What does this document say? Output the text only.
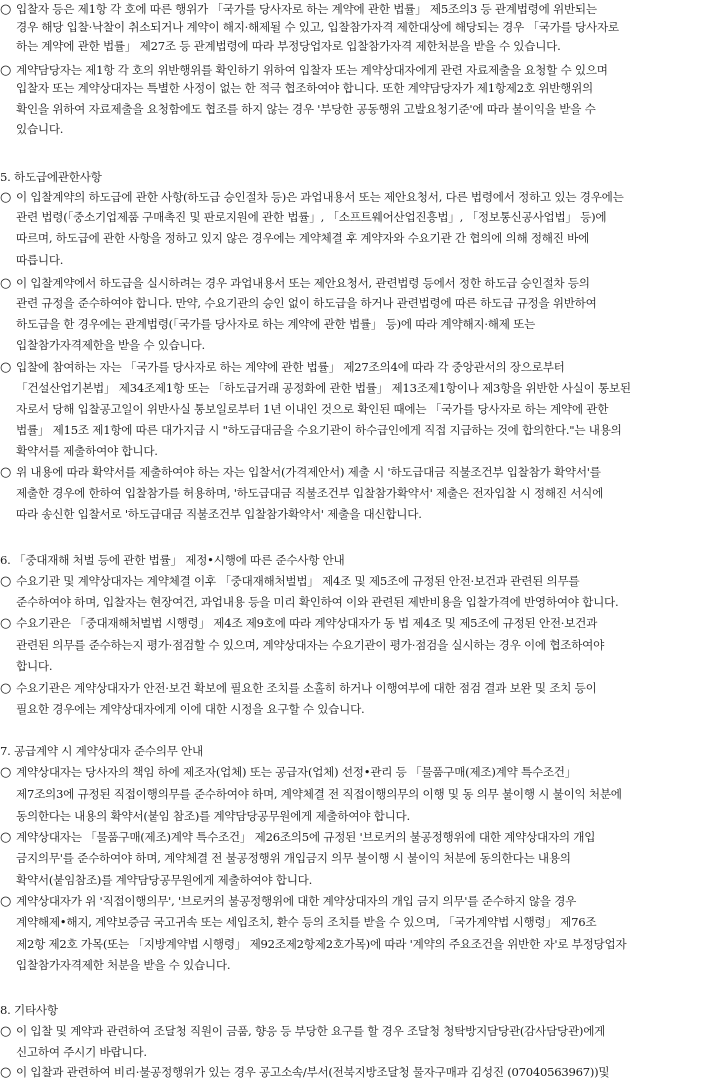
○ 입찰자 등은 제1항 각 호에 따른 행위가 「국가를 당사자로 하는 계약에 관한 법률」 제5조의3 등 관계법령에 위반되는
경우 해당 입찰·낙찰이 취소되거나 계약이 해지·해제될 수 있고, 입찰참가자격 제한대상에 해당되는 경우 「국가를 당사자로
하는 계약에 관한 법률」 제27조 등 관계법령에 따라 부정당업자로 입찰참가자격 제한처분을 받을 수 있습니다.
○ 계약담당자는 제1항 각 호의 위반행위를 확인하기 위하여 입찰자 또는 계약상대자에게 관련 자료제출을 요청할 수 있으며
입찰자 또는 계약상대자는 특별한 사정이 없는 한 적극 협조하여야 합니다. 또한 계약담당자가 제1항제2호 위반행위의
확인을 위하여 자료제출을 요청함에도 협조를 하지 않는 경우 '부당한 공동행위 고발요청기준'에 따라 불이익을 받을 수
있습니다.
5. 하도급에관한사항
○ 이 입찰계약의 하도급에 관한 사항(하도급 승인절차 등)은 과업내용서 또는 제안요청서, 다른 법령에서 정하고 있는 경우에는
관련 법령(「중소기업제품 구매촉진 및 판로지원에 관한 법률」, 「소프트웨어산업진흥법」, 「정보통신공사업법」 등)에
따르며, 하도급에 관한 사항을 정하고 있지 않은 경우에는 계약체결 후 계약자와 수요기관 간 협의에 의해 정해진 바에
따릅니다.
○ 이 입찰계약에서 하도급을 실시하려는 경우 과업내용서 또는 제안요청서, 관련법령 등에서 정한 하도급 승인절차 등의
관련 규정을 준수하여야 합니다. 만약, 수요기관의 승인 없이 하도급을 하거나 관련법령에 따른 하도급 규정을 위반하여
하도급을 한 경우에는 관계법령(「국가를 당사자로 하는 계약에 관한 법률」 등)에 따라 계약해지·해제 또는
입찰참가자격제한을 받을 수 있습니다.
○ 입찰에 참여하는 자는 「국가를 당사자로 하는 계약에 관한 법률」 제27조의4에 따라 각 중앙관서의 장으로부터
「건설산업기본법」 제34조제1항 또는 「하도급거래 공정화에 관한 법률」 제13조제1항이나 제3항을 위반한 사실이 통보된
자로서 당해 입찰공고일이 위반사실 통보일로부터 1년 이내인 것으로 확인된 때에는 「국가를 당사자로 하는 계약에 관한
법률」 제15조 제1항에 따른 대가지급 시 "하도급대금을 수요기관이 하수급인에게 직접 지급하는 것에 합의한다."는 내용의
확약서를 제출하여야 합니다.
○ 위 내용에 따라 확약서를 제출하여야 하는 자는 입찰서(가격제안서) 제출 시 '하도급대금 직불조건부 입찰참가 확약서'를
제출한 경우에 한하여 입찰참가를 허용하며, '하도급대금 직불조건부 입찰참가확약서' 제출은 전자입찰 시 정해진 서식에
따라 송신한 입찰서로 '하도급대금 직불조건부 입찰참가확약서' 제출을 대신합니다.
6. 「중대재해 처벌 등에 관한 법률」 제정•시행에 따른 준수사항 안내
○ 수요기관 및 계약상대자는 계약체결 이후 「중대재해처벌법」 제4조 및 제5조에 규정된 안전·보건과 관련된 의무를
준수하여야 하며, 입찰자는 현장여건, 과업내용 등을 미리 확인하여 이와 관련된 제반비용을 입찰가격에 반영하여야 합니다.
○ 수요기관은 「중대재해처벌법 시행령」 제4조 제9호에 따라 계약상대자가 동 법 제4조 및 제5조에 규정된 안전·보건과
관련된 의무를 준수하는지 평가·점검할 수 있으며, 계약상대자는 수요기관이 평가·점검을 실시하는 경우 이에 협조하여야
합니다.
○ 수요기관은 계약상대자가 안전·보건 확보에 필요한 조치를 소홀히 하거나 이행여부에 대한 점검 결과 보완 및 조치 등이
필요한 경우에는 계약상대자에게 이에 대한 시정을 요구할 수 있습니다.
7. 공급계약 시 계약상대자 준수의무 안내
○ 계약상대자는 당사자의 책임 하에 제조자(업체) 또는 공급자(업체) 선정•관리 등 「물품구매(제조)계약 특수조건」
제7조의3에 규정된 직접이행의무를 준수하여야 하며, 계약체결 전 직접이행의무의 이행 및 동 의무 불이행 시 불이익 처분에
동의한다는 내용의 확약서(붙임 참조)를 계약담당공무원에게 제출하여야 합니다.
○ 계약상대자는 「물품구매(제조)계약 특수조건」 제26조의5에 규정된 '브로커의 불공정행위에 대한 계약상대자의 개입
금지의무'를 준수하여야 하며, 계약체결 전 불공정행위 개입금지 의무 불이행 시 불이익 처분에 동의한다는 내용의
확약서(붙임참조)를 계약담당공무원에게 제출하여야 합니다.
○ 계약상대자가 위 '직접이행의무', '브로커의 불공정행위에 대한 계약상대자의 개입 금지 의무'를 준수하지 않을 경우
계약해제•해지, 계약보증금 국고귀속 또는 세입조치, 환수 등의 조치를 받을 수 있으며, 「국가계약법 시행령」 제76조
제2항 제2호 가목(또는 「지방계약법 시행령」 제92조제2항제2호가목)에 따라 '계약의 주요조건을 위반한 자'로 부정당업자
입찰참가자격제한 처분을 받을 수 있습니다.
8. 기타사항
○ 이 입찰 및 계약과 관련하여 조달청 직원이 금품, 향응 등 부당한 요구를 할 경우 조달청 청탁방지담당관(감사담당관)에게
신고하여 주시기 바랍니다.
○ 이 입찰과 관련하여 비리·불공정행위가 있는 경우 공고소속/부서(전북지방조달청 물자구매과 김성진 (07040563967))및
